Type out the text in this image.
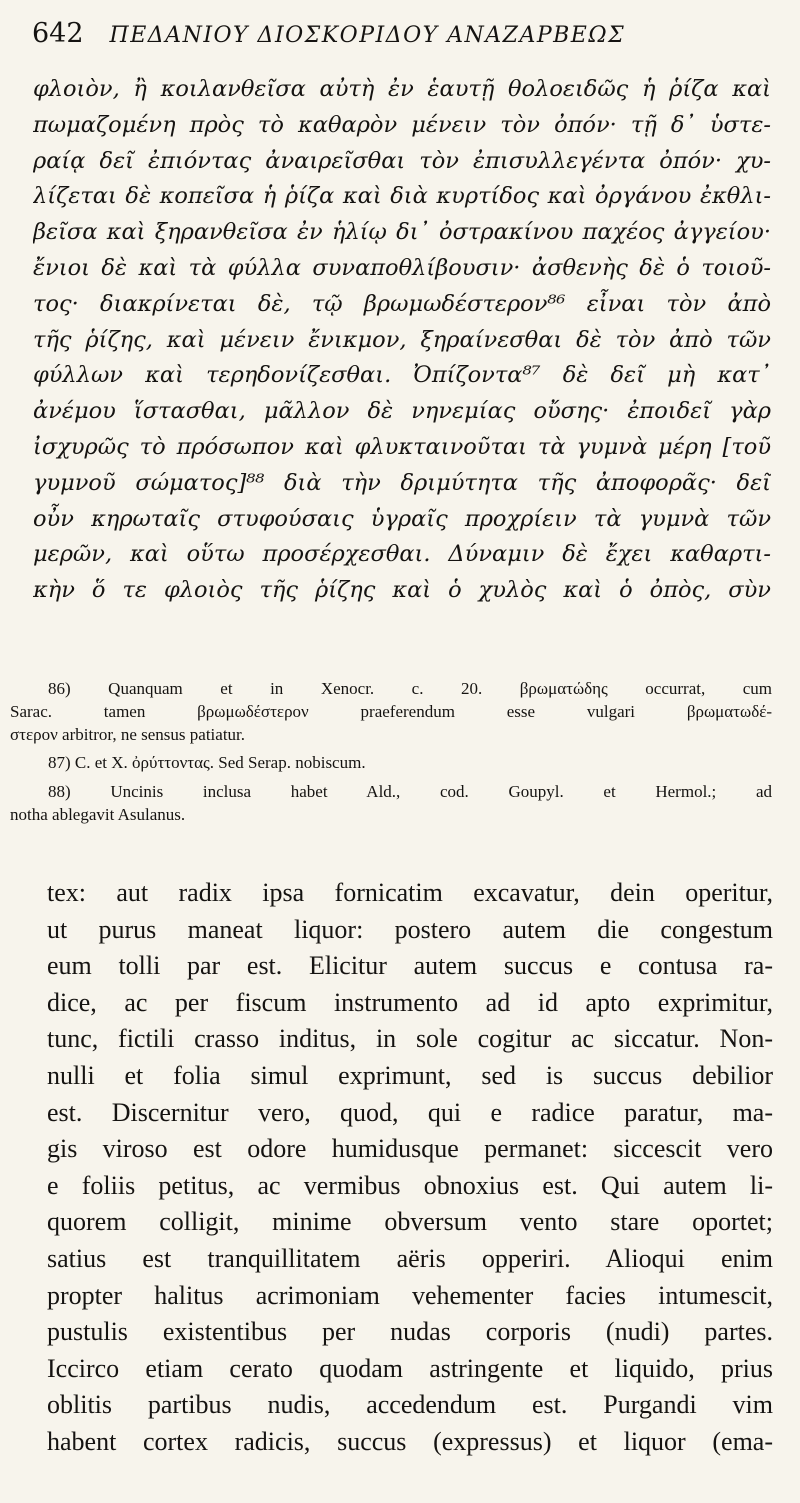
642 ΠΕΔΑΝΙΟΥ ΔΙΟΣΚΟΡΙΔΟΥ ΑΝΑΖΑΡΒΕΩΣ
φλοιὸν, ἢ κοιλανθεῖσα αὐτὴ ἐν ἑαυτῇ θολοειδῶς ἡ ῥίζα καὶ
πωμαζομένη πρὸς τὸ καθαρὸν μένειν τὸν ὀπόν· τῇ δ᾽ ὑστε-
ραίᾳ δεῖ ἐπιόντας ἀναιρεῖσθαι τὸν ἐπισυλλεγέντα ὀπόν· χυ-
λίζεται δὲ κοπεῖσα ἡ ῥίζα καὶ διὰ κυρτίδος καὶ ὀργάνου ἐκθλι-
βεῖσα καὶ ξηρανθεῖσα ἐν ἡλίῳ δι᾽ ὀστρακίνου παχέος ἀγγείου·
ἔνιοι δὲ καὶ τὰ φύλλα συναποθλίβουσιν· ἀσθενὴς δὲ ὁ τοιοῦ-
τος· διακρίνεται δὲ, τῷ βρωμωδέστερον⁸⁶ εἶναι τὸν ἀπὸ
τῆς ῥίζης, καὶ μένειν ἔνικμον, ξηραίνεσθαι δὲ τὸν ἀπὸ τῶν
φύλλων καὶ τερηδονίζεσθαι. Ὀπίζοντα⁸⁷ δὲ δεῖ μὴ κατ᾽
ἀνέμου ἵστασθαι, μᾶλλον δὲ νηνεμίας οὔσης· ἐποιδεῖ γὰρ
ἰσχυρῶς τὸ πρόσωπον καὶ φλυκταινοῦται τὰ γυμνὰ μέρη [τοῦ
γυμνοῦ σώματος]⁸⁸ διὰ τὴν δριμύτητα τῆς ἀποφορᾶς· δεῖ
οὖν κηρωταῖς στυφούσαις ὑγραῖς προχρίειν τὰ γυμνὰ τῶν
μερῶν, καὶ οὕτω προσέρχεσθαι. Δύναμιν δὲ ἔχει καθαρτι-
κὴν ὅ τε φλοιὸς τῆς ῥίζης καὶ ὁ χυλὸς καὶ ὁ ὀπὸς, σὺν
86) Quanquam et in Xenocr. c. 20. βρωματώδης occurrat, cum
Sarac. tamen βρωμωδέστερον praeferendum esse vulgari βρωματωδέ-
στερον arbitror, ne sensus patiatur.
87) C. et X. ὀρύττοντας. Sed Serap. nobiscum.
88) Uncinis inclusa habet Ald., cod. Goupyl. et Hermol.; ad
notha ablegavit Asulanus.
tex: aut radix ipsa fornicatim excavatur, dein operitur,
ut purus maneat liquor: postero autem die congestum
eum tolli par est. Elicitur autem succus e contusa ra-
dice, ac per fiscum instrumento ad id apto exprimitur,
tunc, fictili crasso inditus, in sole cogitur ac siccatur. Non-
nulli et folia simul exprimunt, sed is succus debilior
est. Discernitur vero, quod, qui e radice paratur, ma-
gis viroso est odore humidusque permanet: siccescit vero
e foliis petitus, ac vermibus obnoxius est. Qui autem li-
quorem colligit, minime obversum vento stare oportet;
satius est tranquillitatem aëris opperiri. Alioqui enim
propter halitus acrimoniam vehementer facies intumescit,
pustulis existentibus per nudas corporis (nudi) partes.
Iccirco etiam cerato quodam astringente et liquido, prius
oblitis partibus nudis, accedendum est. Purgandi vim
habent cortex radicis, succus (expressus) et liquor (ema-
